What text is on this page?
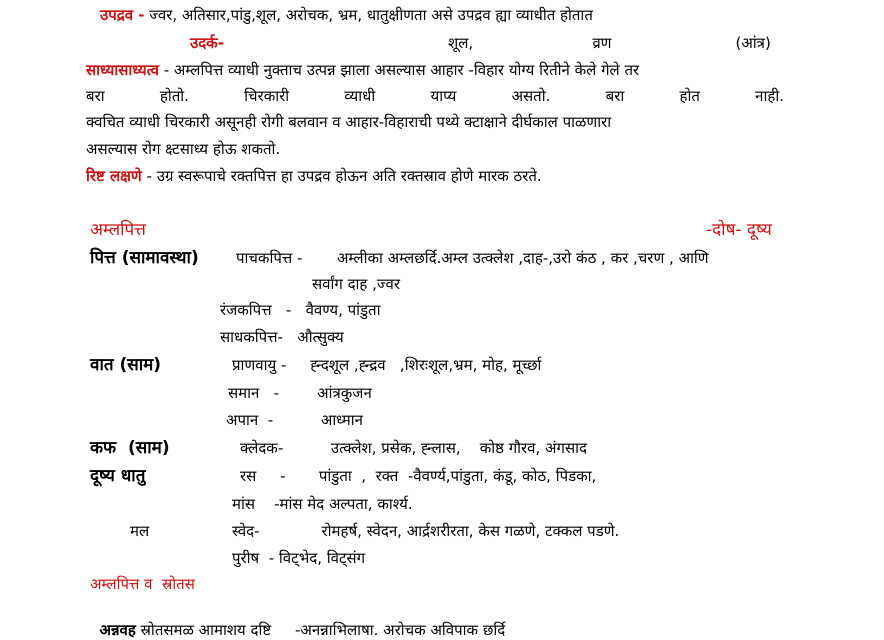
उपद्रव - ज्वर, अतिसार,पांडु,शूल, अरोचक, भ्रम, धातुक्षीणता असे उपद्रव ह्या व्याधीत होतात
उदर्क-	शूल,                         व्रण                          (आंत्र)
साध्यासाध्यत्व - अम्लपित्त व्याधी नुक्ताच उत्पन्न झाला असल्यास आहार -विहार योग्य रितीने केले गेले तर
बरा होतो. चिरकारी व्याधी याप्य असतो. बरा होत नाही.
क्वचित व्याधी चिरकारी असूनही रोगी बलवान व आहार-विहाराची पथ्ये क्टाक्षाने दीर्घकाल पाळणारा
असल्यास रोग क्ष्टसाध्य होऊ शकतो.
रिष्ट लक्षणे - उग्र स्वरूपाचे रक्तपित्त हा उपद्रव होऊन अति रक्तस्राव होणे मारक ठरते.
अम्लपित्त	-दोष- दूष्य
पित्त (सामावस्था) पाचकपित्त - अम्लीका अम्लछर्दि.अम्ल उत्क्लेश ,दाह-,उरो कंठ , कर ,चरण , आणि
सर्वांग दाह ,ज्वर
रंजकपित्त   -   वैवण्य, पांडुता
साधकपित्त-   औत्सुक्य
वात (साम)	प्राणवायु -     ह्न्दशूल ,ह्न्द्रव   ,शिरःशूल,भ्रम, मोह, मूर्च्छा
समान   -        आंत्रकुजन
अपान  -          आध्मान
कफ  (साम)	क्लेदक-          उत्क्लेश, प्रसेक, ह्न्लास,    कोष्ठ गौरव, अंगसाद
दूष्य धातु	रस     -       पांडुता  ,  रक्त  -वैवर्ण्य,पांडुता, कंडू, कोठ, पिडका,
मांस    -मांस मेद अल्पता, कार्श्य.
मल	स्वेद-             रोमहर्ष, स्वेदन, आर्द्रशरीरता, केस गळणे, टक्कल पडणे.
पुरीष  - विट्भेद, विट्संग
अम्लपित्त व  स्रोतस

अन्नवह स्रोतसमळ आमाशय दष्टि     -अनन्नाभिलाषा. अरोचक अविपाक छर्दि
